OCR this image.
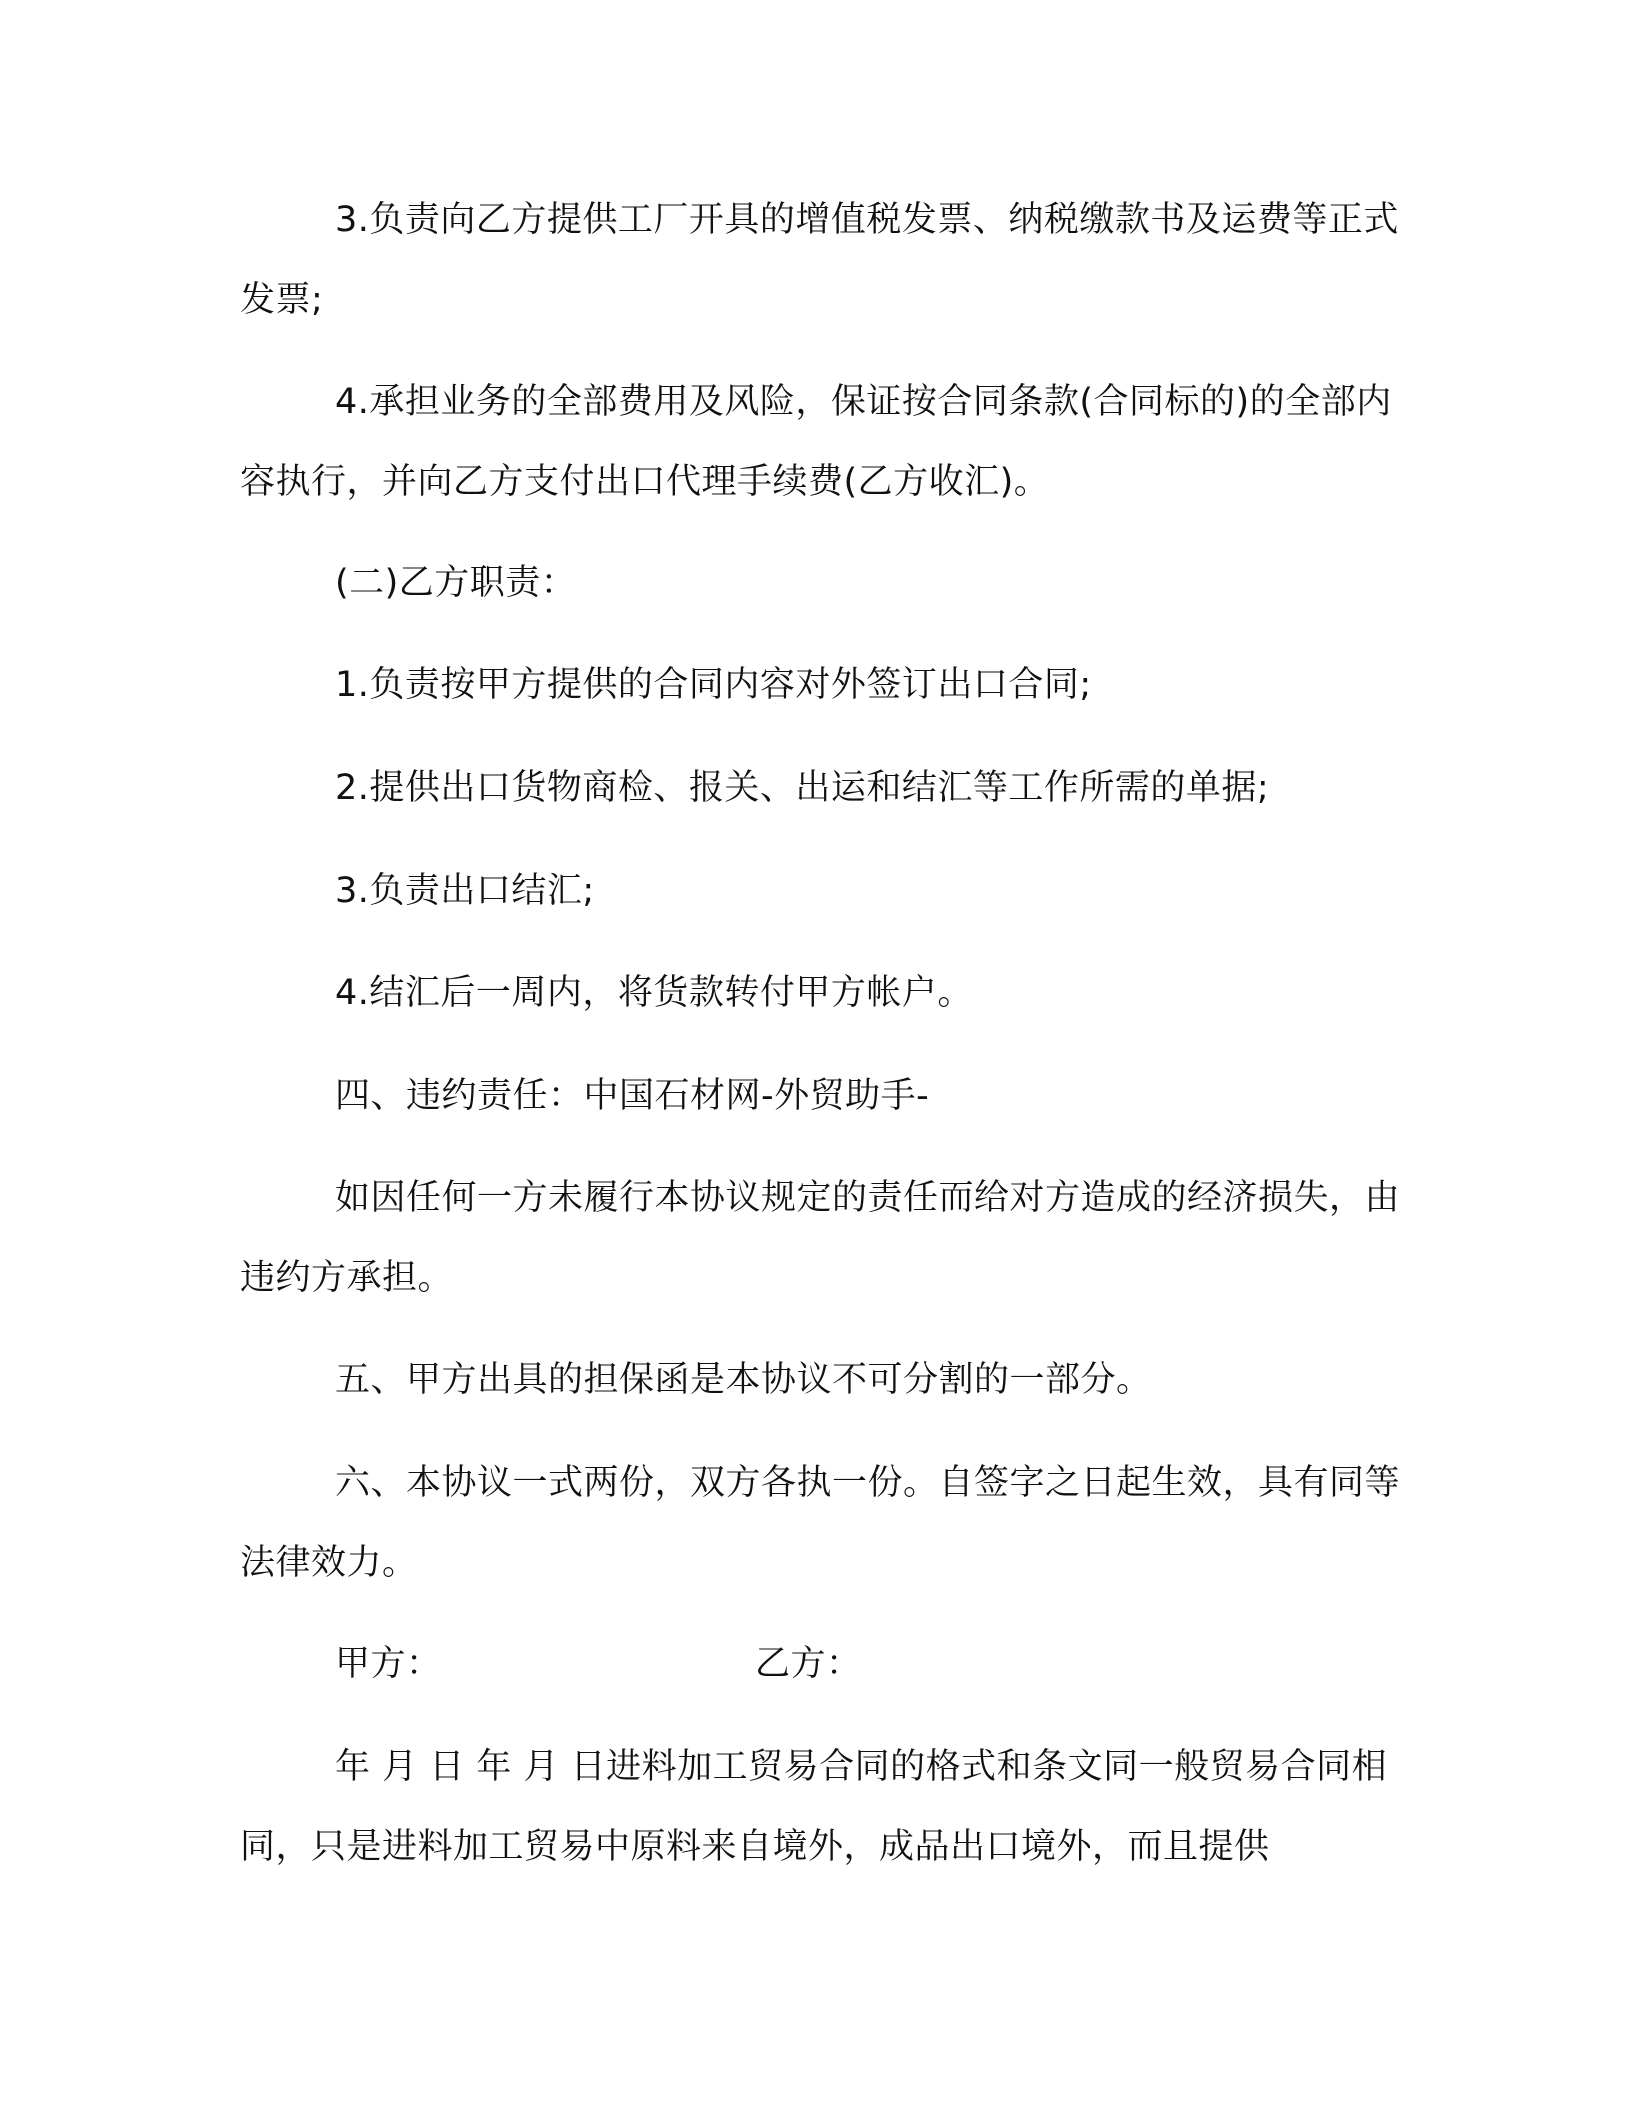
3.负责向乙方提供工厂开具的增值税发票、纳税缴款书及运费等正式发票;

4.承担业务的全部费用及风险，保证按合同条款(合同标的)的全部内容执行，并向乙方支付出口代理手续费(乙方收汇)。

(二)乙方职责：

1.负责按甲方提供的合同内容对外签订出口合同;

2.提供出口货物商检、报关、出运和结汇等工作所需的单据;

3.负责出口结汇;

4.结汇后一周内，将货款转付甲方帐户。

四、违约责任：中国石材网-外贸助手-

如因任何一方未履行本协议规定的责任而给对方造成的经济损失，由违约方承担。

五、甲方出具的担保函是本协议不可分割的一部分。

六、本协议一式两份，双方各执一份。自签字之日起生效，具有同等法律效力。

甲方：	乙方：

年 月 日 年 月 日进料加工贸易合同的格式和条文同一般贸易合同相同，只是进料加工贸易中原料来自境外，成品出口境外，而且提供
